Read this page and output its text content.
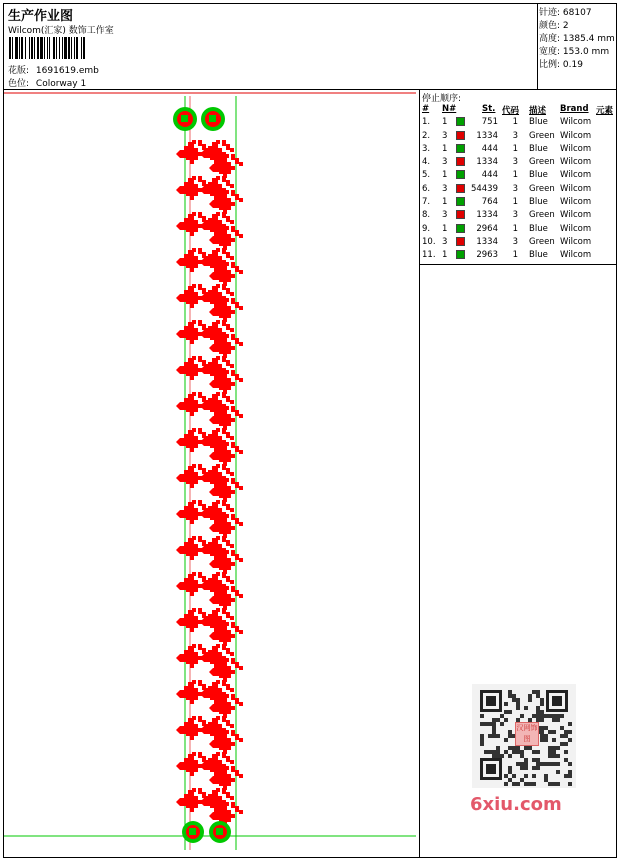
生产作业图
Wilcom(汇家) 数饰工作室
花版: 1691619.emb
色位: Colorway 1
针迹: 68107
颜色: 2
高度: 1385.4 mm
宽度: 153.0 mm
比例: 0.19
停止顺序:
# N#	St. 代码 描述 Brand 元素
1. 1	751 1 Blue Wilcom
2. 3	1334 3 Green Wilcom
3. 1	444 1 Blue Wilcom
4. 3	1334 3 Green Wilcom
5. 1	444 1 Blue Wilcom
6. 3	54439 3 Green Wilcom
7. 1	764 1 Blue Wilcom
8. 3	1334 3 Green Wilcom
9. 1	2964 1 Blue Wilcom
10. 3	1334 3 Green Wilcom
11. 1	2963 1 Blue Wilcom
汉网饰图
6xiu.com
